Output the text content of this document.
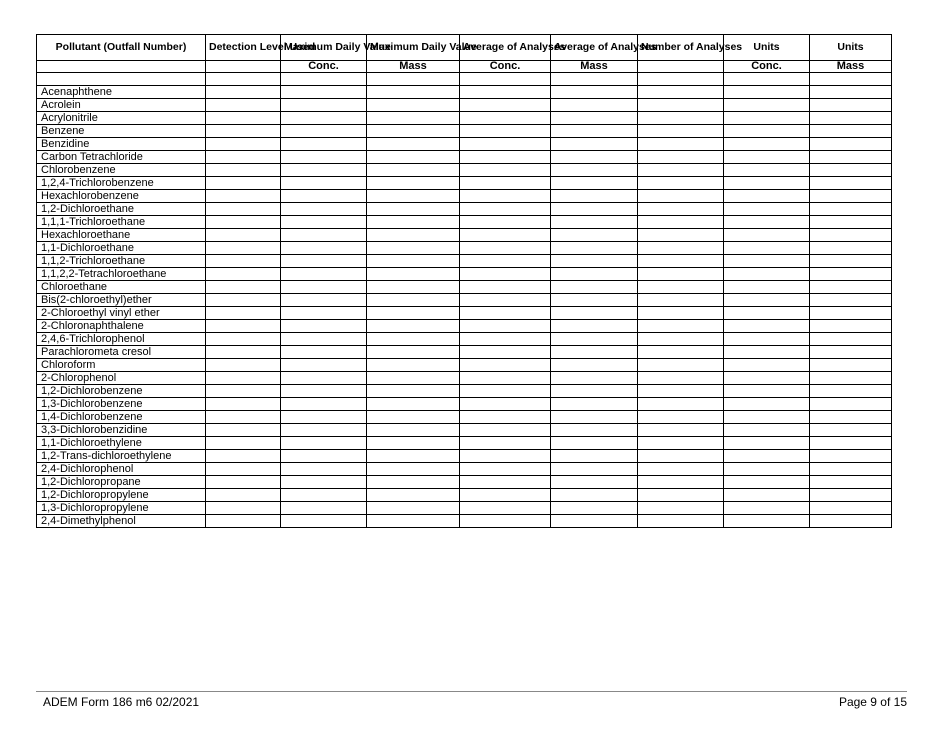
Pollutant (Outfall Number)	Detection Level Used	Maximum Daily Value	Maximum Daily Value	Average of Analyses	Average of Analyses	Number of Analyses	Units	Units
		Conc.	Mass	Conc.	Mass		Conc.	Mass

Acenaphthene								
Acrolein								
Acrylonitrile								
Benzene								
Benzidine								
Carbon Tetrachloride								
Chlorobenzene								
1,2,4-Trichlorobenzene								
Hexachlorobenzene								
1,2-Dichloroethane								
1,1,1-Trichloroethane								
Hexachloroethane								
1,1-Dichloroethane								
1,1,2-Trichloroethane								
1,1,2,2-Tetrachloroethane								
Chloroethane								
Bis(2-chloroethyl)ether								
2-Chloroethyl vinyl ether								
2-Chloronaphthalene								
2,4,6-Trichlorophenol								
Parachlorometa cresol								
Chloroform								
2-Chlorophenol								
1,2-Dichlorobenzene								
1,3-Dichlorobenzene								
1,4-Dichlorobenzene								
3,3-Dichlorobenzidine								
1,1-Dichloroethylene								
1,2-Trans-dichloroethylene								
2,4-Dichlorophenol								
1,2-Dichloropropane								
1,2-Dichloropropylene								
1,3-Dichloropropylene								
2,4-Dimethylphenol								
ADEM Form 186 m6 02/2021	Page 9 of 15
